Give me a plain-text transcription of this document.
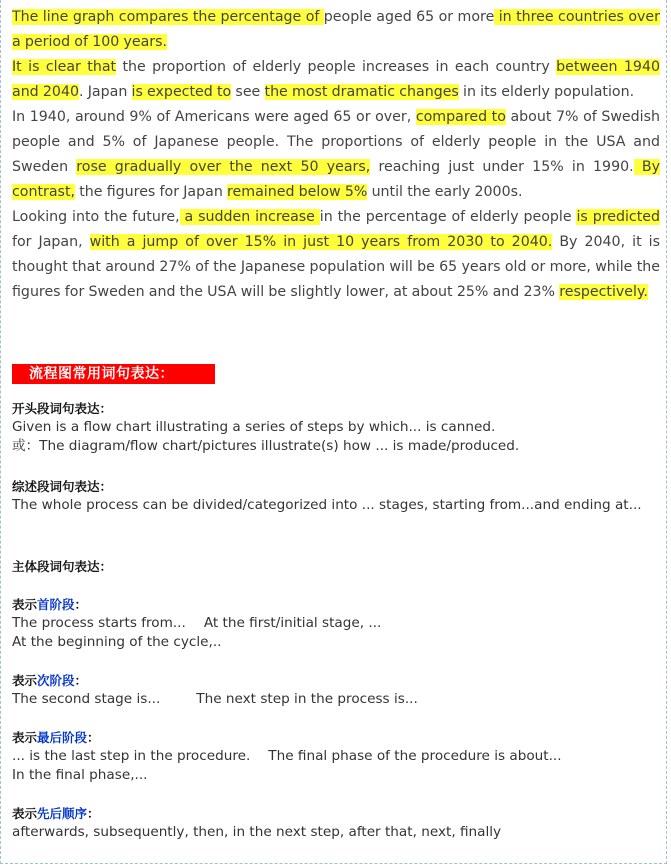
The line graph compares the percentage of people aged 65 or more in three countries over a period of 100 years.

It is clear that the proportion of elderly people increases in each country between 1940 and 2040. Japan is expected to see the most dramatic changes in its elderly population.

In 1940, around 9% of Americans were aged 65 or over, compared to about 7% of Swedish people and 5% of Japanese people. The proportions of elderly people in the USA and Sweden rose gradually over the next 50 years, reaching just under 15% in 1990. By contrast, the figures for Japan remained below 5% until the early 2000s.

Looking into the future, a sudden increase in the percentage of elderly people is predicted for Japan, with a jump of over 15% in just 10 years from 2030 to 2040. By 2040, it is thought that around 27% of the Japanese population will be 65 years old or more, while the figures for Sweden and the USA will be slightly lower, at about 25% and 23% respectively.

流程图常用词句表达：

开头段词句表达：

Given is a flow chart illustrating a series of steps by which... is canned.

或：The diagram/flow chart/pictures illustrate(s) how ... is made/produced.

综述段词句表达：

The whole process can be divided/categorized into ... stages, starting from...and ending at...

主体段词句表达：

表示首阶段：

The process starts from... At the first/initial stage, ...

At the beginning of the cycle,..

表示次阶段：

The second stage is...	The next step in the process is...

表示最后阶段：

... is the last step in the procedure. The final phase of the procedure is about...

In the final phase,...

表示先后顺序：

afterwards, subsequently, then, in the next step, after that, next, finally
